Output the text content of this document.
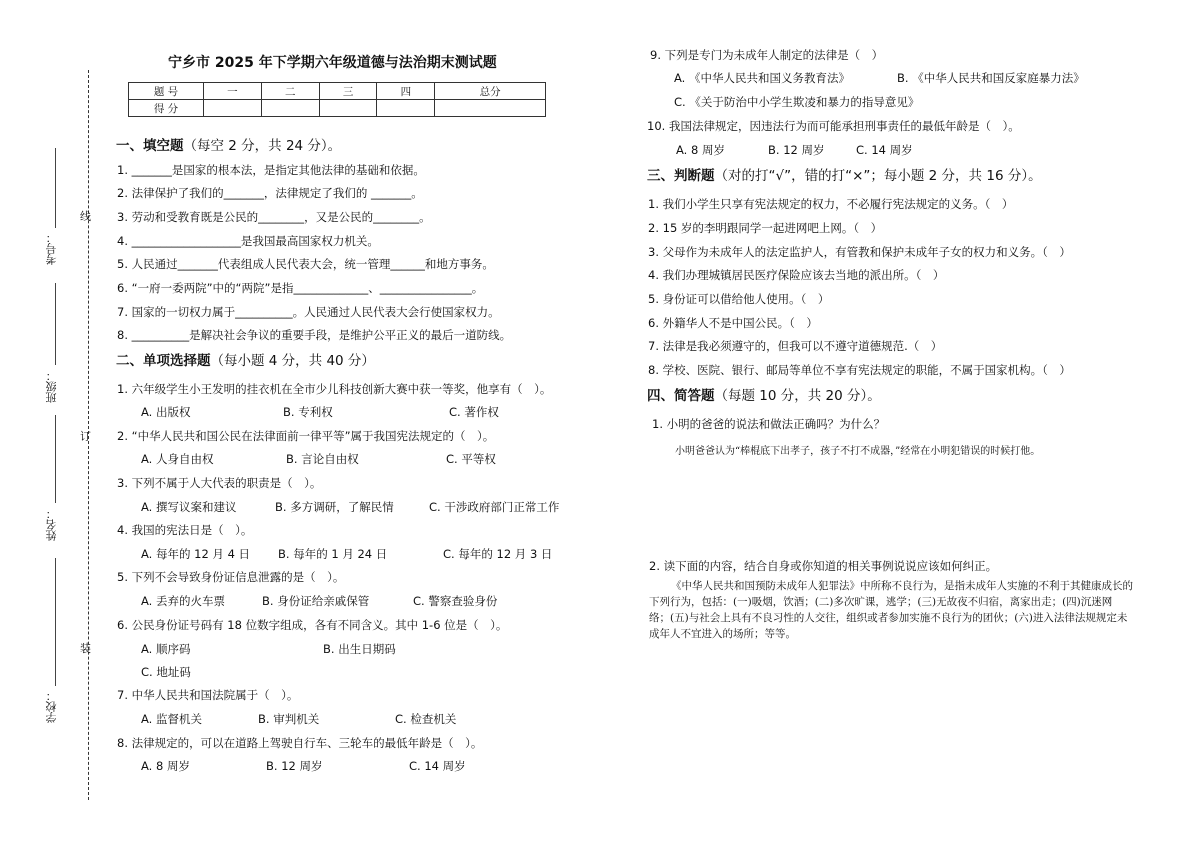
考号：
班级：
姓名：
学校：
线
订
装
宁乡市 2025 年下学期六年级道德与法治期末测试题
题 号	一	二	三	四	总分
得 分					
一、填空题（每空 2 分，共 24 分）。
1. _______是国家的根本法，是指定其他法律的基础和依据。
2. 法律保护了我们的_______，法律规定了我们的 _______。
3. 劳动和受教育既是公民的________，又是公民的________。
4. ___________________是我国最高国家权力机关。
5. 人民通过_______代表组成人民代表大会，统一管理______和地方事务。
6. “一府一委两院”中的“两院”是指_____________、________________。
7. 国家的一切权力属于__________。人民通过人民代表大会行使国家权力。
8. __________是解决社会争议的重要手段，是维护公平正义的最后一道防线。
二、单项选择题（每小题 4 分，共 40 分）
1. 六年级学生小王发明的挂衣机在全市少儿科技创新大赛中获一等奖，他享有（　）。
A. 出版权	B. 专利权	C. 著作权
2. “中华人民共和国公民在法律面前一律平等”属于我国宪法规定的（　）。
A. 人身自由权	B. 言论自由权	C. 平等权
3. 下列不属于人大代表的职责是（　）。
A. 撰写议案和建议	B. 多方调研，了解民情	C. 干涉政府部门正常工作
4. 我国的宪法日是（　）。
A. 每年的 12 月 4 日 B. 每年的 1 月 24 日	C. 每年的 12 月 3 日
5. 下列不会导致身份证信息泄露的是（　）。
A. 丢弃的火车票	B. 身份证给亲戚保管	C. 警察查验身份
6. 公民身份证号码有 18 位数字组成，各有不同含义。其中 1-6 位是（　）。
A. 顺序码	B. 出生日期码
C. 地址码
7. 中华人民共和国法院属于（　）。
A. 监督机关	B. 审判机关	C. 检查机关
8. 法律规定的，可以在道路上驾驶自行车、三轮车的最低年龄是（　）。
A. 8 周岁	B. 12 周岁	C. 14 周岁
9. 下列是专门为未成年人制定的法律是（　）
A. 《中华人民共和国义务教育法》	B. 《中华人民共和国反家庭暴力法》
C. 《关于防治中小学生欺凌和暴力的指导意见》
10. 我国法律规定，因违法行为而可能承担刑事责任的最低年龄是（　）。
A. 8 周岁	B. 12 周岁	C. 14 周岁
三、判断题（对的打“√”，错的打“×”；每小题 2 分，共 16 分）。
1. 我们小学生只享有宪法规定的权力，不必履行宪法规定的义务。（　）
2. 15 岁的李明跟同学一起进网吧上网。（　）
3. 父母作为未成年人的法定监护人，有管教和保护未成年子女的权力和义务。（　）
4. 我们办理城镇居民医疗保险应该去当地的派出所。（　）
5. 身份证可以借给他人使用。（　）
6. 外籍华人不是中国公民。（　）
7. 法律是我必须遵守的，但我可以不遵守道德规范.（　）
8. 学校、医院、银行、邮局等单位不享有宪法规定的职能，不属于国家机构。（　）
四、简答题（每题 10 分，共 20 分）。
1. 小明的爸爸的说法和做法正确吗？为什么？
小明爸爸认为“棒棍底下出孝子，孩子不打不成器，”经常在小明犯错误的时候打他。
2. 读下面的内容，结合自身或你知道的相关事例说说应该如何纠正。
《中华人民共和国预防未成年人犯罪法》中所称不良行为，是指未成年人实施的不利于其健康成长的下列行为，包括：(一)吸烟，饮酒；(二)多次旷课，逃学；(三)无故夜不归宿，离家出走；(四)沉迷网络；(五)与社会上具有不良习性的人交往，组织或者参加实施不良行为的团伙；(六)进入法律法规规定未成年人不宜进入的场所；等等。
